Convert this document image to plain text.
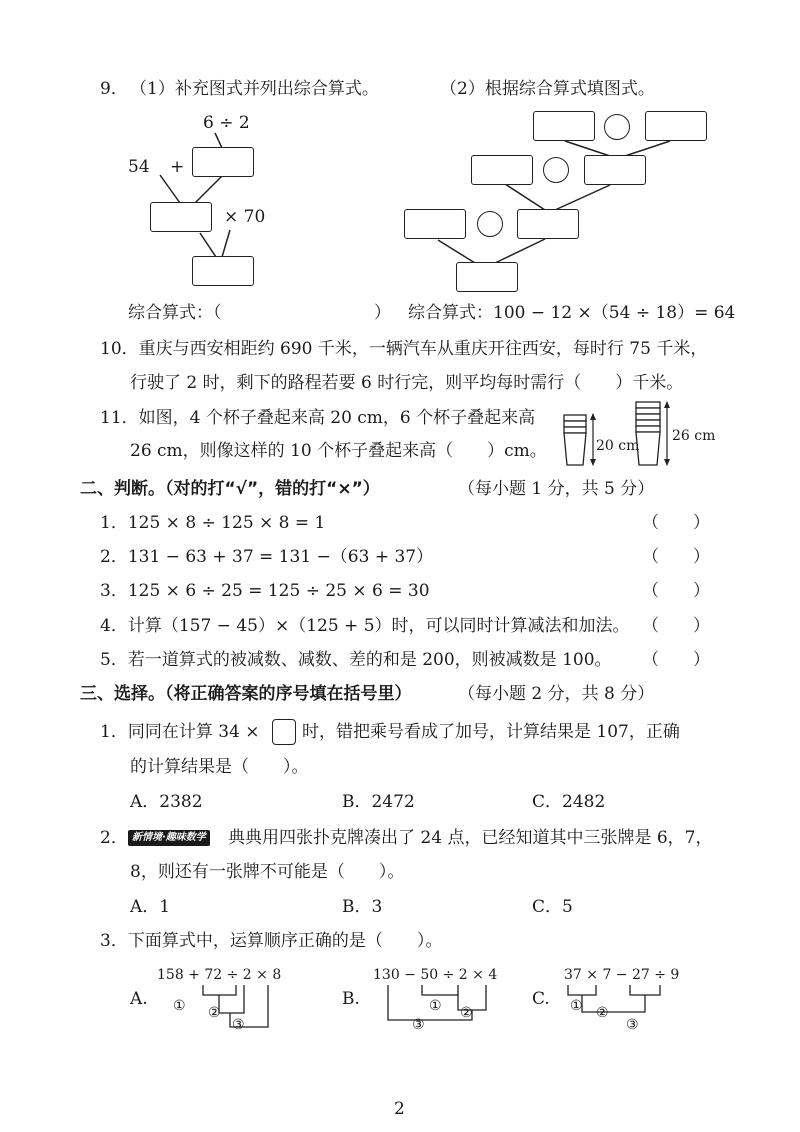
9． （1）补充图式并列出综合算式。	（2）根据综合算式填图式。
6 ÷ 2
54 +
× 70
综合算式：（	） 综合算式：100 − 12 ×（54 ÷ 18）= 64
10．重庆与西安相距约 690 千米，一辆汽车从重庆开往西安，每时行 75 千米，
行驶了 2 时，剩下的路程若要 6 时行完，则平均每时需行（　　）千米。
11．如图，4 个杯子叠起来高 20 cm，6 个杯子叠起来高
26 cm，则像这样的 10 个杯子叠起来高（　　）cm。	20 cm
26 cm
二、判断。（对的打“√”，错的打“×”）	（每小题 1 分，共 5 分）
1．125 × 8 ÷ 125 × 8 = 1	（　　）
2．131 − 63 + 37 = 131 −（63 + 37）	（　　）
3．125 × 6 ÷ 25 = 125 ÷ 25 × 6 = 30	（　　）
4．计算（157 − 45）×（125 + 5）时，可以同时计算减法和加法。 （　　）
5．若一道算式的被减数、减数、差的和是 200，则被减数是 100。 （　　）
三、选择。（将正确答案的序号填在括号里）	（每小题 2 分，共 8 分）
1．同同在计算 34 ×	时，错把乘号看成了加号，计算结果是 107，正确
的计算结果是（　　）。
A．2382	B．2472	C．2482
2． 新情境·趣味数学 典典用四张扑克牌凑出了 24 点，已经知道其中三张牌是 6，7，
8，则还有一张牌不可能是（　　）。
A．1	B．3	C．5
3．下面算式中，运算顺序正确的是（　　）。
A.
158 + 72 ÷ 2 × 8
① ②
③
B.
130 − 50 ÷ 2 × 4
① ②
③
C.
37 × 7 − 27 ÷ 9
① ②
③
2
